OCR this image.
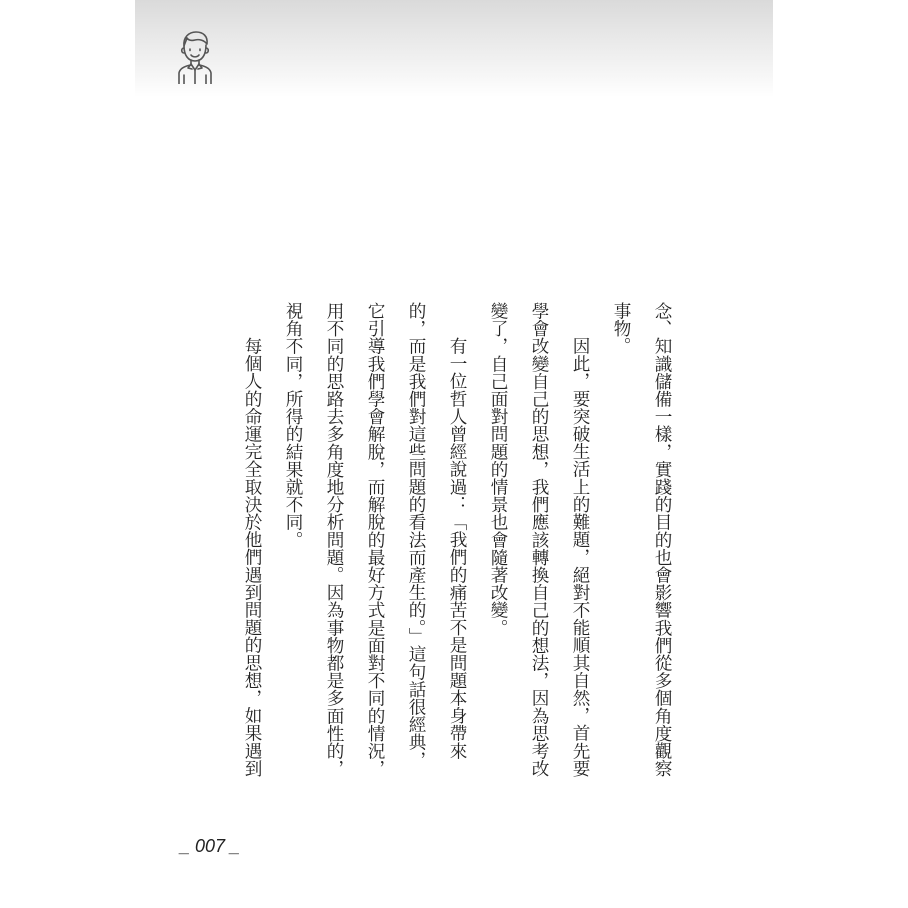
念、知識儲備一樣，實踐的目的也會影響我們從多個角度觀察
事物。
因此，要突破生活上的難題，絕對不能順其自然，首先要
學會改變自己的思想，我們應該轉換自己的想法，因為思考改
變了，自己面對問題的情景也會隨著改變。
有一位哲人曾經說過：「我們的痛苦不是問題本身帶來
的，而是我們對這些問題的看法而產生的。」這句話很經典，
它引導我們學會解脫，而解脫的最好方式是面對不同的情況，
用不同的思路去多角度地分析問題。因為事物都是多面性的，
視角不同，所得的結果就不同。
每個人的命運完全取決於他們遇到問題的思想，如果遇到
_ 007 _
